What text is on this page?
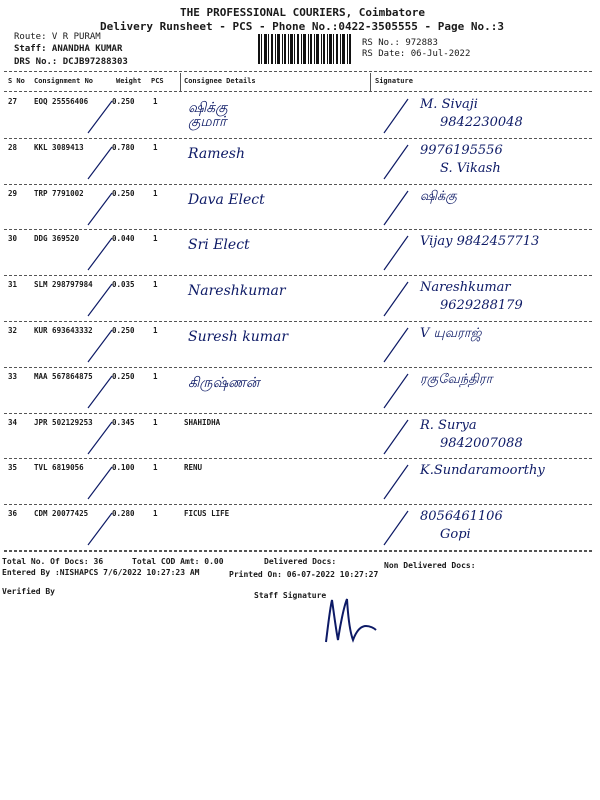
THE PROFESSIONAL COURIERS, Coimbatore
Delivery Runsheet - PCS - Phone No.:0422-3505555 - Page No.:3
Route: V R PURAM
Staff: ANANDHA KUMAR
DRS No.: DCJB97288303
RS No.: 972883
RS Date: 06-Jul-2022
S No Consignment No	Weight PCS	Consignee Details	Signature
27 EOQ 25556406	0.250 1 ஷிக்கு
குமார்
M. Sivaji
9842230048
28 KKL 3089413	0.780 1 Ramesh	9976195556
S. Vikash
29 TRP 7791002	0.250 1 Dava Elect	ஷிக்கு
30 DDG 369520	0.040 1 Sri Elect	Vijay 9842457713
31 SLM 298797984	0.035 1 Nareshkumar	Nareshkumar
9629288179
32 KUR 693643332	0.250 1 Suresh kumar	V யுவராஜ்
33 MAA 567864875	0.250 1 கிருஷ்ணன்	ரகுவேந்திரா
34 JPR 502129253	0.345 1	SHAHIDHA	R. Surya
9842007088
35 TVL 6819056	0.100 1	RENU	K.Sundaramoorthy
36 CDM 20077425	0.280 1	FICUS LIFE	8056461106
Gopi
Total No. Of Docs: 36	Total COD Amt: 0.00	Delivered Docs:	Non Delivered Docs:
Entered By :NISHAPCS 7/6/2022 10:27:23 AM	Printed On: 06-07-2022 10:27:27
Verified By	Staff Signature
